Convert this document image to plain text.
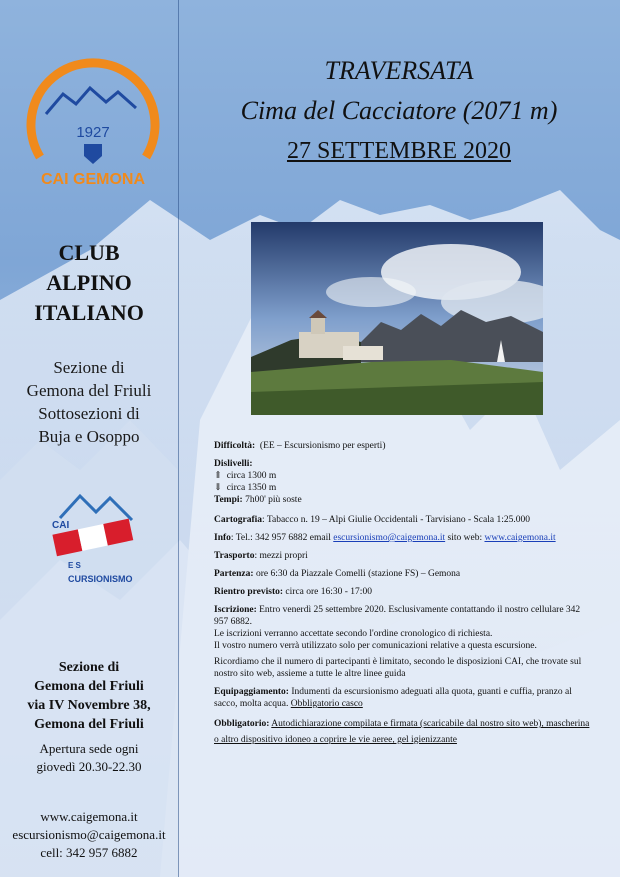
1927
CAI GEMONA
CLUB
ALPINO
ITALIANO
Sezione di
Gemona del Friuli
Sottosezioni di
Buja e Osoppo
CAI
E S
CURSIONISMO
Sezione di
Gemona del Friuli
via IV Novembre 38,
Gemona del Friuli
Apertura sede ogni
giovedì 20.30-22.30
www.caigemona.it
escursionismo@caigemona.it
cell: 342 957 6882
TRAVERSATA
Cima del Cacciatore (2071 m)
27 SETTEMBRE 2020

Difficoltà: (EE – Escursionismo per esperti)

Dislivelli:
⇑ circa 1300 m
⇓ circa 1350 m
Tempi: 7h00' più soste

Cartografia: Tabacco n. 19 – Alpi Giulie Occidentali - Tarvisiano - Scala 1:25.000

Info: Tel.: 342 957 6882 email escursionismo@caigemona.it sito web: www.caigemona.it

Trasporto: mezzi propri

Partenza: ore 6:30 da Piazzale Comelli (stazione FS) – Gemona

Rientro previsto: circa ore 16:30 - 17:00

Iscrizione: Entro venerdì 25 settembre 2020. Esclusivamente contattando il nostro cellulare 342 957 6882.
Le iscrizioni verranno accettate secondo l'ordine cronologico di richiesta.
Il vostro numero verrà utilizzato solo per comunicazioni relative a questa escursione.

Ricordiamo che il numero di partecipanti è limitato, secondo le disposizioni CAI, che trovate sul nostro sito web, assieme a tutte le altre linee guida

Equipaggiamento: Indumenti da escursionismo adeguati alla quota, guanti e cuffia, pranzo al sacco, molta acqua. Obbligatorio casco

Obbligatorio: Autodichiarazione compilata e firmata (scaricabile dal nostro sito web), mascherina o altro dispositivo idoneo a coprire le vie aeree, gel igienizzante
